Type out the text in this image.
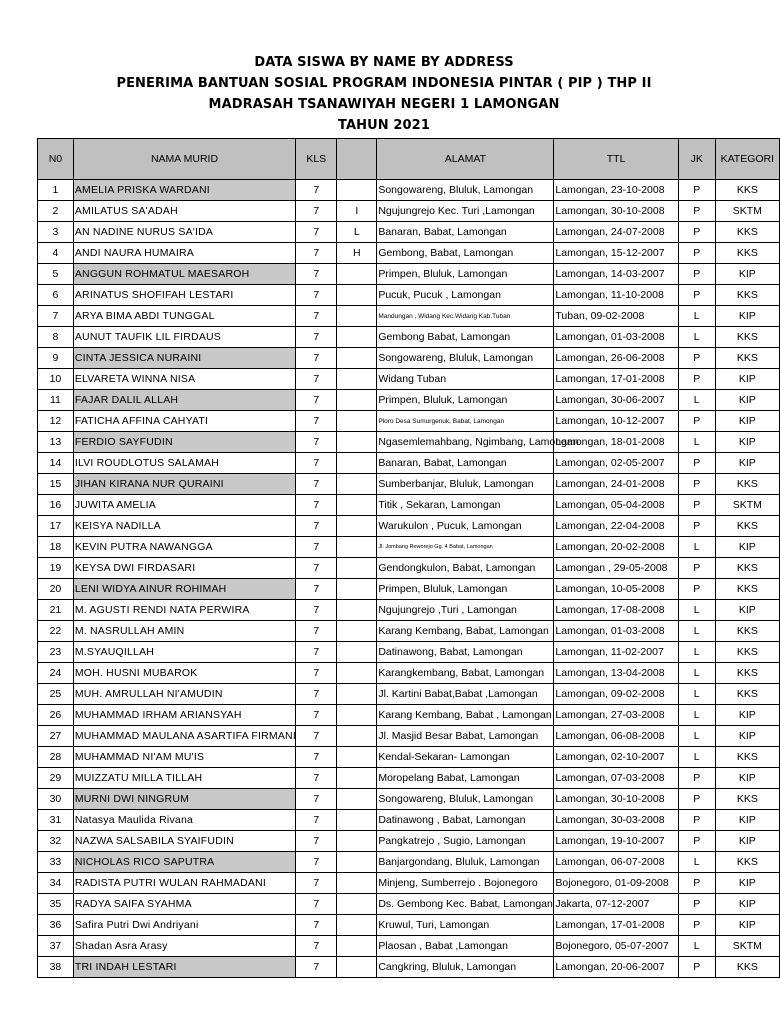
DATA SISWA BY NAME BY ADDRESS
PENERIMA BANTUAN SOSIAL PROGRAM INDONESIA PINTAR ( PIP ) THP II
MADRASAH TSANAWIYAH NEGERI 1 LAMONGAN
TAHUN 2021
N0	NAMA MURID	KLS		ALAMAT	TTL	JK	KATEGORI
1	AMELIA PRISKA WARDANI	7		Songowareng, Bluluk, Lamongan	Lamongan, 23-10-2008	P	KKS
2	AMILATUS SA'ADAH	7	I	Ngujungrejo Kec. Turi ,Lamongan	Lamongan, 30-10-2008	P	SKTM
3	AN NADINE NURUS SA'IDA	7	L	Banaran, Babat, Lamongan	Lamongan, 24-07-2008	P	KKS
4	ANDI NAURA HUMAIRA	7	H	Gembong, Babat, Lamongan	Lamongan, 15-12-2007	P	KKS
5	ANGGUN ROHMATUL MAESAROH	7		Primpen, Bluluk, Lamongan	Lamongan, 14-03-2007	P	KIP
6	ARINATUS SHOFIFAH LESTARI	7		Pucuk, Pucuk , Lamongan	Lamongan, 11-10-2008	P	KKS
7	ARYA BIMA ABDI TUNGGAL	7		Mandungan , Widang Kec.Widang Kab.Tuban	Tuban, 09-02-2008	L	KIP
8	AUNUT TAUFIK LIL FIRDAUS	7		Gembong Babat, Lamongan	Lamongan, 01-03-2008	L	KKS
9	CINTA JESSICA NURAINI	7		Songowareng, Bluluk, Lamongan	Lamongan, 26-06-2008	P	KKS
10	ELVARETA WINNA NISA	7		Widang Tuban	Lamongan, 17-01-2008	P	KIP
11	FAJAR DALIL ALLAH	7		Primpen, Bluluk, Lamongan	Lamongan, 30-06-2007	L	KIP
12	FATICHA AFFINA CAHYATI	7		Ploro Desa Sumurgenuk, Babat, Lamongan	Lamongan, 10-12-2007	P	KIP
13	FERDIO SAYFUDIN	7		Ngasemlemahbang, Ngimbang, Lamongan	Lamongan, 18-01-2008	L	KIP
14	ILVI ROUDLOTUS SALAMAH	7		Banaran, Babat, Lamongan	Lamongan, 02-05-2007	P	KIP
15	JIHAN KIRANA NUR QURAINI	7		Sumberbanjar, Bluluk, Lamongan	Lamongan, 24-01-2008	P	KKS
16	JUWITA AMELIA	7		Titik , Sekaran, Lamongan	Lamongan, 05-04-2008	P	SKTM
17	KEISYA NADILLA	7		Warukulon , Pucuk, Lamongan	Lamongan, 22-04-2008	P	KKS
18	KEVIN PUTRA NAWANGGA	7		Jl. Jombang Reworejo Gg. 4 Babat, Lamongan	Lamongan, 20-02-2008	L	KIP
19	KEYSA DWI FIRDASARI	7		Gendongkulon, Babat, Lamongan	Lamongan , 29-05-2008	P	KKS
20	LENI WIDYA AINUR ROHIMAH	7		Primpen, Bluluk, Lamongan	Lamongan, 10-05-2008	P	KKS
21	M. AGUSTI RENDI NATA PERWIRA	7		Ngujungrejo ,Turi , Lamongan	Lamongan, 17-08-2008	L	KIP
22	M. NASRULLAH AMIN	7		Karang Kembang, Babat, Lamongan	Lamongan, 01-03-2008	L	KKS
23	M.SYAUQILLAH	7		Datinawong, Babat, Lamongan	Lamongan, 11-02-2007	L	KKS
24	MOH. HUSNI MUBAROK	7		Karangkembang, Babat, Lamongan	Lamongan, 13-04-2008	L	KKS
25	MUH. AMRULLAH NI'AMUDIN	7		Jl. Kartini Babat,Babat ,Lamongan	Lamongan, 09-02-2008	L	KKS
26	MUHAMMAD IRHAM ARIANSYAH	7		Karang Kembang, Babat , Lamongan	Lamongan, 27-03-2008	L	KIP
27	MUHAMMAD MAULANA ASARTIFA FIRMANI	7		Jl. Masjid Besar Babat, Lamongan	Lamongan, 06-08-2008	L	KIP
28	MUHAMMAD NI'AM MU'IS	7		Kendal-Sekaran- Lamongan	Lamongan, 02-10-2007	L	KKS
29	MUIZZATU MILLA TILLAH	7		Moropelang Babat, Lamongan	Lamongan, 07-03-2008	P	KIP
30	MURNI DWI NINGRUM	7		Songowareng, Bluluk, Lamongan	Lamongan, 30-10-2008	P	KKS
31	Natasya Maulida Rivana	7		Datinawong , Babat, Lamongan	Lamongan, 30-03-2008	P	KIP
32	NAZWA SALSABILA SYAIFUDIN	7		Pangkatrejo , Sugio, Lamongan	Lamongan, 19-10-2007	P	KIP
33	NICHOLAS RICO SAPUTRA	7		Banjargondang, Bluluk, Lamongan	Lamongan, 06-07-2008	L	KKS
34	RADISTA PUTRI WULAN RAHMADANI	7		Minjeng, Sumberrejo . Bojonegoro	Bojonegoro, 01-09-2008	P	KIP
35	RADYA SAIFA SYAHMA	7		Ds. Gembong Kec. Babat, Lamongan	Jakarta, 07-12-2007	P	KIP
36	Safira Putri Dwi Andriyani	7		Kruwul, Turi, Lamongan	Lamongan, 17-01-2008	P	KIP
37	Shadan Asra Arasy	7		Plaosan , Babat ,Lamongan	Bojonegoro, 05-07-2007	L	SKTM
38	TRI INDAH LESTARI	7		Cangkring, Bluluk, Lamongan	Lamongan, 20-06-2007	P	KKS
